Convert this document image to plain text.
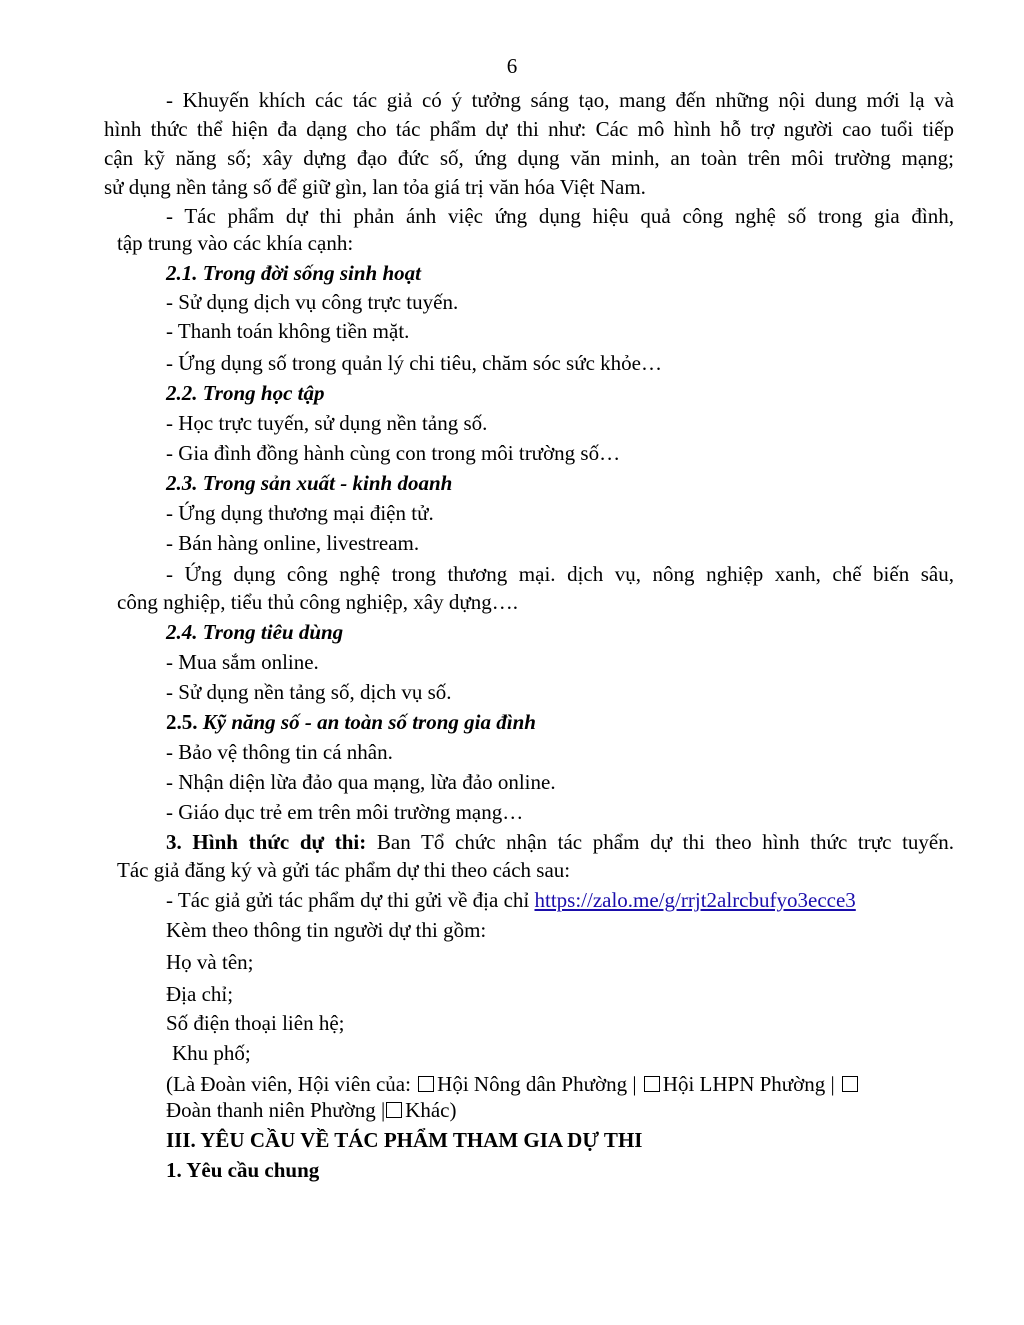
6
- Khuyến khích các tác giả có ý tưởng sáng tạo, mang đến những nội dung mới lạ và
hình thức thể hiện đa dạng cho tác phẩm dự thi như: Các mô hình hỗ trợ người cao tuổi tiếp
cận kỹ năng số; xây dựng đạo đức số, ứng dụng văn minh, an toàn trên môi trường mạng;
sử dụng nền tảng số để giữ gìn, lan tỏa giá trị văn hóa Việt Nam.
- Tác phẩm dự thi phản ánh việc ứng dụng hiệu quả công nghệ số trong gia đình,
tập trung vào các khía cạnh:
2.1. Trong đời sống sinh hoạt
- Sử dụng dịch vụ công trực tuyến.
- Thanh toán không tiền mặt.
- Ứng dụng số trong quản lý chi tiêu, chăm sóc sức khỏe…
2.2. Trong học tập
- Học trực tuyến, sử dụng nền tảng số.
- Gia đình đồng hành cùng con trong môi trường số…
2.3. Trong sản xuất - kinh doanh
- Ứng dụng thương mại điện tử.
- Bán hàng online, livestream.
- Ứng dụng công nghệ trong thương mại. dịch vụ, nông nghiệp xanh, chế biến sâu,
công nghiệp, tiểu thủ công nghiệp, xây dựng….
2.4. Trong tiêu dùng
- Mua sắm online.
- Sử dụng nền tảng số, dịch vụ số.
2.5. Kỹ năng số - an toàn số trong gia đình
- Bảo vệ thông tin cá nhân.
- Nhận diện lừa đảo qua mạng, lừa đảo online.
- Giáo dục trẻ em trên môi trường mạng…
3. Hình thức dự thi: Ban Tổ chức nhận tác phẩm dự thi theo hình thức trực tuyến.
Tác giả đăng ký và gửi tác phẩm dự thi theo cách sau:
- Tác giả gửi tác phẩm dự thi gửi về địa chỉ https://zalo.me/g/rrjt2alrcbufyo3ecce3
Kèm theo thông tin người dự thi gồm:
Họ và tên;
Địa chỉ;
Số điện thoại liên hệ;
Khu phố;
(Là Đoàn viên, Hội viên của: Hội Nông dân Phường | Hội LHPN Phường |
Đoàn thanh niên Phường | Khác)
III. YÊU CẦU VỀ TÁC PHẨM THAM GIA DỰ THI
1. Yêu cầu chung
